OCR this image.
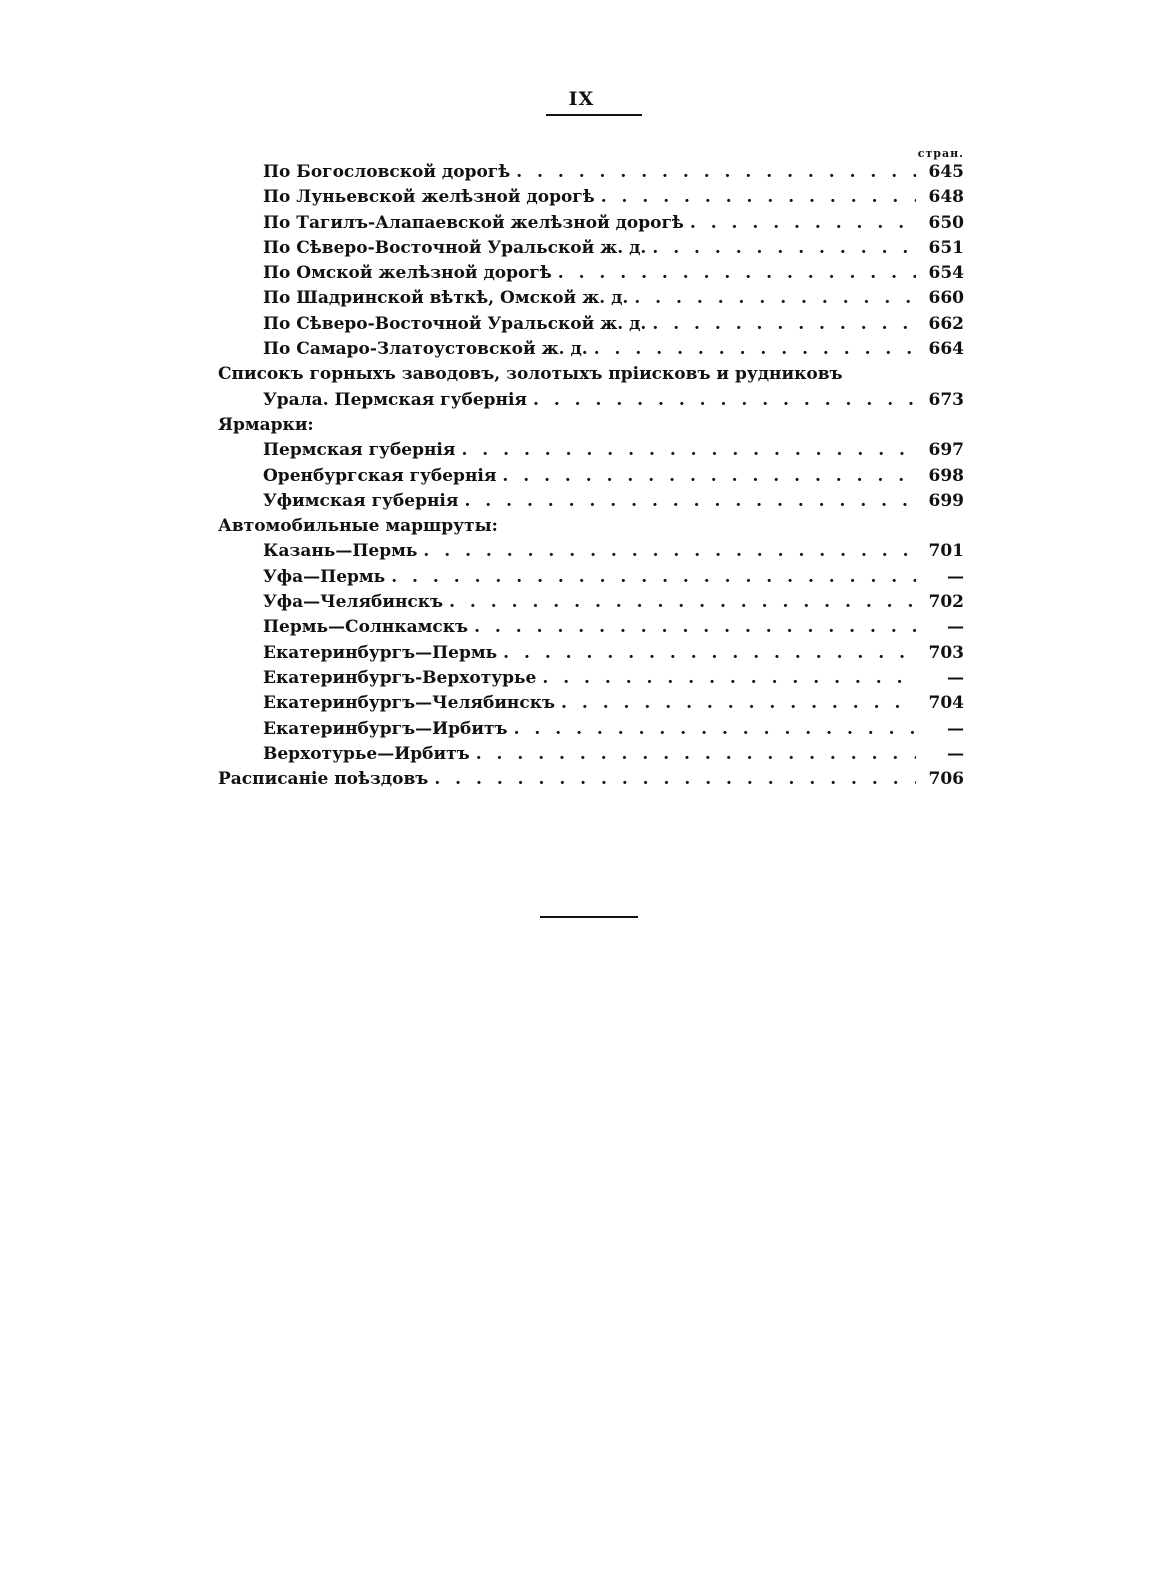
IX
стран.
По Богословской дорогѣ . . .	645
По Луньевской желѣзной дорогѣ . . .	648
По Тагилъ-Алапаевской желѣзной дорогѣ . . .	650
По Сѣверо-Восточной Уральской ж. д. . . .	651
По Омской желѣзной дорогѣ . . .	654
По Шадринской вѣткѣ, Омской ж. д. . . .	660
По Сѣверо-Восточной Уральской ж. д. . . .	662
По Самаро-Златоустовской ж. д. . . .	664
Списокъ горныхъ заводовъ, золотыхъ пріисковъ и рудниковъ
Урала. Пермская губернія . . .	673
Ярмарки:
Пермская губернія . . .	697
Оренбургская губернія . . .	698
Уфимская губернія . . .	699
Автомобильные маршруты:
Казань—Пермь . . .	701
Уфа—Пермь . . .	—
Уфа—Челябинскъ . . .	702
Пермь—Солнкамскъ . . .	—
Екатеринбургъ—Пермь . . .	703
Екатеринбургъ-Верхотурье . . .	—
Екатеринбургъ—Челябинскъ . . .	704
Екатеринбургъ—Ирбитъ . . .	—
Верхотурье—Ирбитъ . . .	—
Расписаніе поѣздовъ . . .	706
